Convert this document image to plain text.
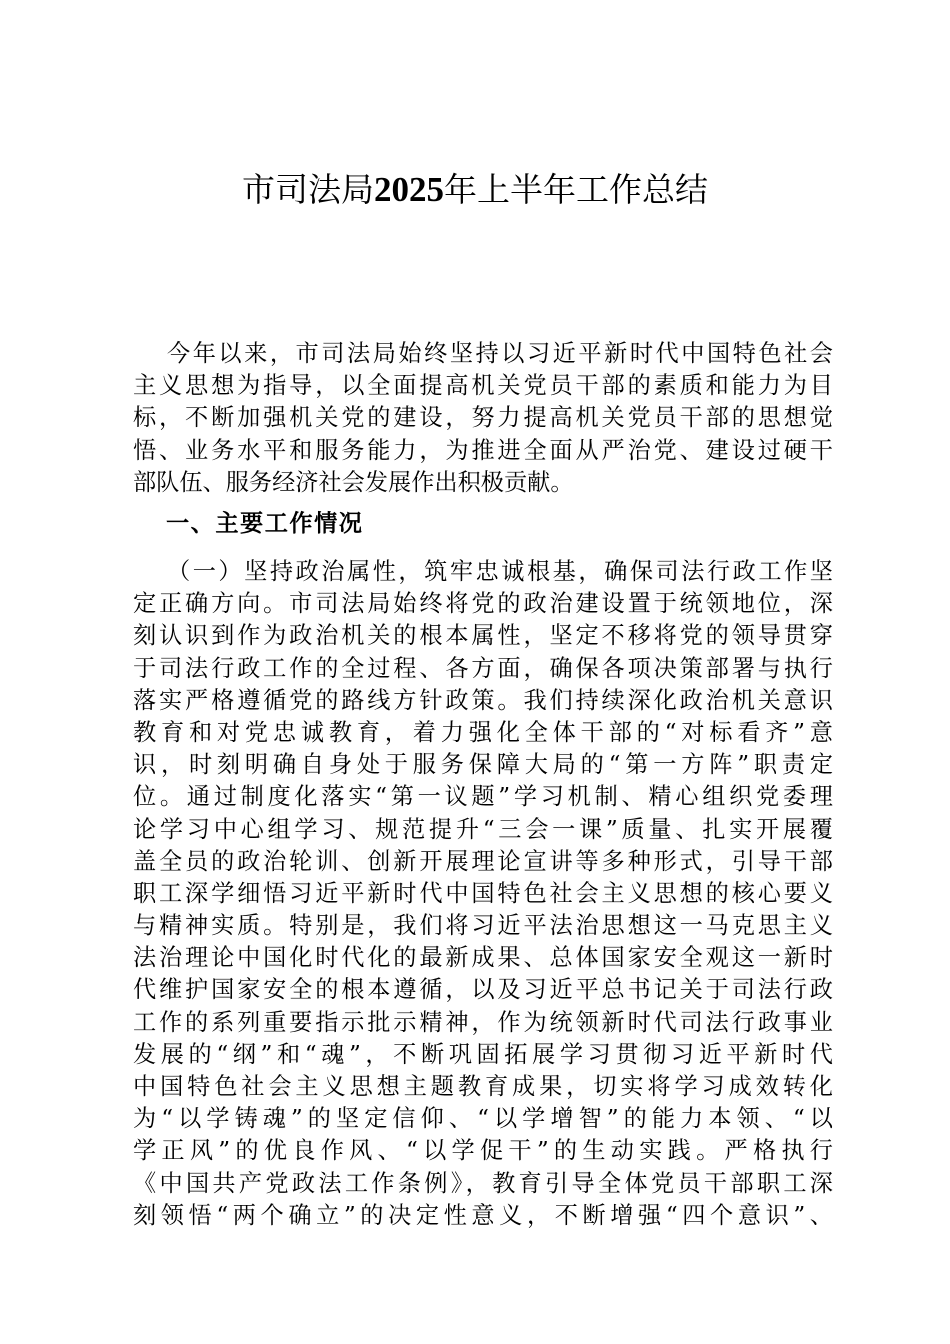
市司法局2025年上半年工作总结
今年以来，市司法局始终坚持以习近平新时代中国特色社会
主义思想为指导，以全面提高机关党员干部的素质和能力为目
标，不断加强机关党的建设，努力提高机关党员干部的思想觉
悟、业务水平和服务能力，为推进全面从严治党、建设过硬干
部队伍、服务经济社会发展作出积极贡献。
一、主要工作情况
（一）坚持政治属性，筑牢忠诚根基，确保司法行政工作坚
定正确方向。市司法局始终将党的政治建设置于统领地位，深
刻认识到作为政治机关的根本属性，坚定不移将党的领导贯穿
于司法行政工作的全过程、各方面，确保各项决策部署与执行
落实严格遵循党的路线方针政策。我们持续深化政治机关意识
教育和对党忠诚教育，着力强化全体干部的“对标看齐”意
识，时刻明确自身处于服务保障大局的“第一方阵”职责定
位。通过制度化落实“第一议题”学习机制、精心组织党委理
论学习中心组学习、规范提升“三会一课”质量、扎实开展覆
盖全员的政治轮训、创新开展理论宣讲等多种形式，引导干部
职工深学细悟习近平新时代中国特色社会主义思想的核心要义
与精神实质。特别是，我们将习近平法治思想这一马克思主义
法治理论中国化时代化的最新成果、总体国家安全观这一新时
代维护国家安全的根本遵循，以及习近平总书记关于司法行政
工作的系列重要指示批示精神，作为统领新时代司法行政事业
发展的“纲”和“魂”，不断巩固拓展学习贯彻习近平新时代
中国特色社会主义思想主题教育成果，切实将学习成效转化
为“以学铸魂”的坚定信仰、“以学增智”的能力本领、“以
学正风”的优良作风、“以学促干”的生动实践。严格执行
《中国共产党政法工作条例》，教育引导全体党员干部职工深
刻领悟“两个确立”的决定性意义，不断增强“四个意识”、
